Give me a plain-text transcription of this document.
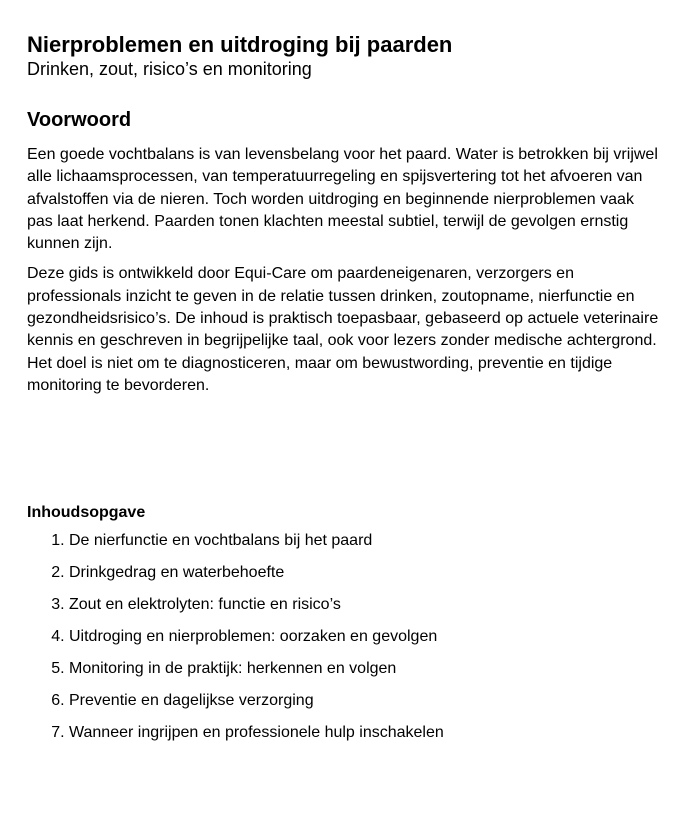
Nierproblemen en uitdroging bij paarden
Drinken, zout, risico’s en monitoring
Voorwoord

Een goede vochtbalans is van levensbelang voor het paard. Water is betrokken bij vrijwel alle lichaamsprocessen, van temperatuurregeling en spijsvertering tot het afvoeren van afvalstoffen via de nieren. Toch worden uitdroging en beginnende nierproblemen vaak pas laat herkend. Paarden tonen klachten meestal subtiel, terwijl de gevolgen ernstig kunnen zijn.

Deze gids is ontwikkeld door Equi-Care om paardeneigenaren, verzorgers en professionals inzicht te geven in de relatie tussen drinken, zoutopname, nierfunctie en gezondheidsrisico’s. De inhoud is praktisch toepasbaar, gebaseerd op actuele veterinaire kennis en geschreven in begrijpelijke taal, ook voor lezers zonder medische achtergrond. Het doel is niet om te diagnosticeren, maar om bewustwording, preventie en tijdige monitoring te bevorderen.

Inhoudsopgave
1. De nierfunctie en vochtbalans bij het paard
2. Drinkgedrag en waterbehoefte
3. Zout en elektrolyten: functie en risico’s
4. Uitdroging en nierproblemen: oorzaken en gevolgen
5. Monitoring in de praktijk: herkennen en volgen
6. Preventie en dagelijkse verzorging
7. Wanneer ingrijpen en professionele hulp inschakelen
